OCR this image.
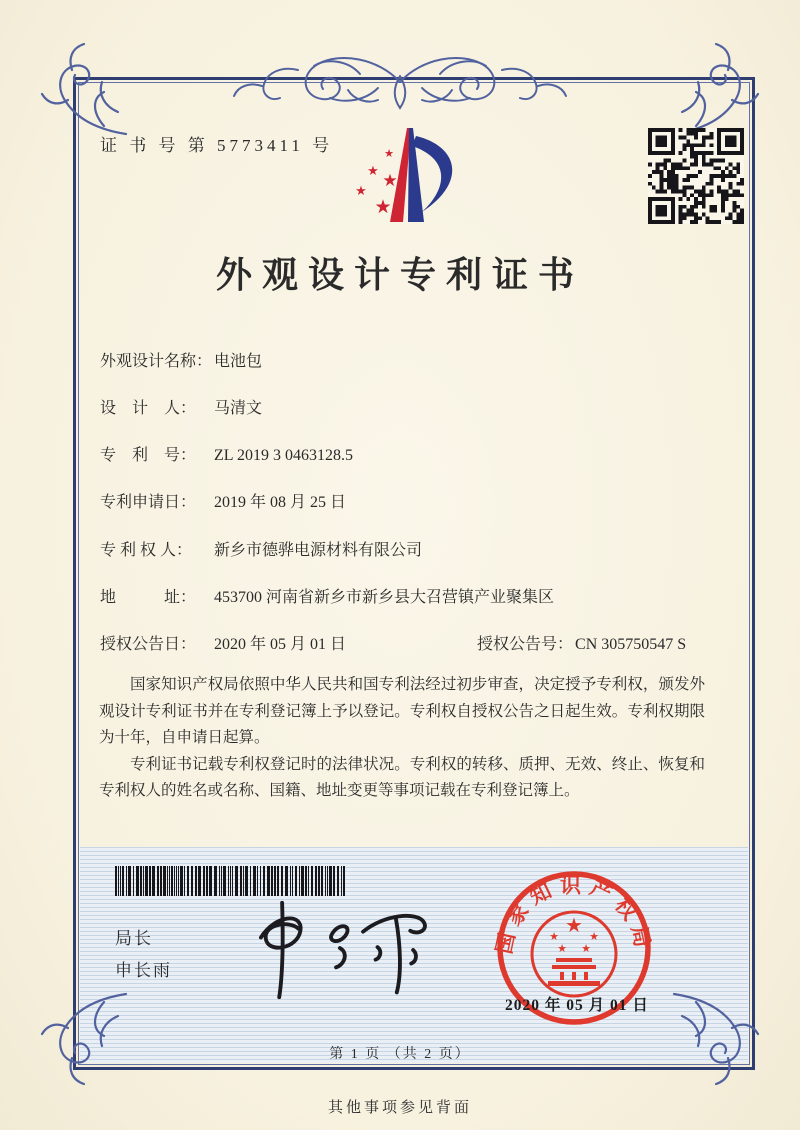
证 书 号 第 5773411 号	★
★
★
★
★
外观设计专利证书
外观设计名称： 电池包
设　计　人： 马清文
专　利　号： ZL 2019 3 0463128.5
专利申请日： 2019 年 08 月 25 日
专 利 权 人： 新乡市德骅电源材料有限公司
地　　　址： 453700 河南省新乡市新乡县大召营镇产业聚集区
授权公告日： 2020 年 05 月 01 日	授权公告号： CN 305750547 S

国家知识产权局依照中华人民共和国专利法经过初步审查，决定授予专利权，颁发外观设计专利证书并在专利登记簿上予以登记。专利权自授权公告之日起生效。专利权期限为十年，自申请日起算。

专利证书记载专利权登记时的法律状况。专利权的转移、质押、无效、终止、恢复和专利权人的姓名或名称、国籍、地址变更等事项记载在专利登记簿上。

局长
申长雨
国家知识产权局
★
★	★
★ ★
2020 年 05 月 01 日
第 1 页 （共 2 页）
其他事项参见背面
